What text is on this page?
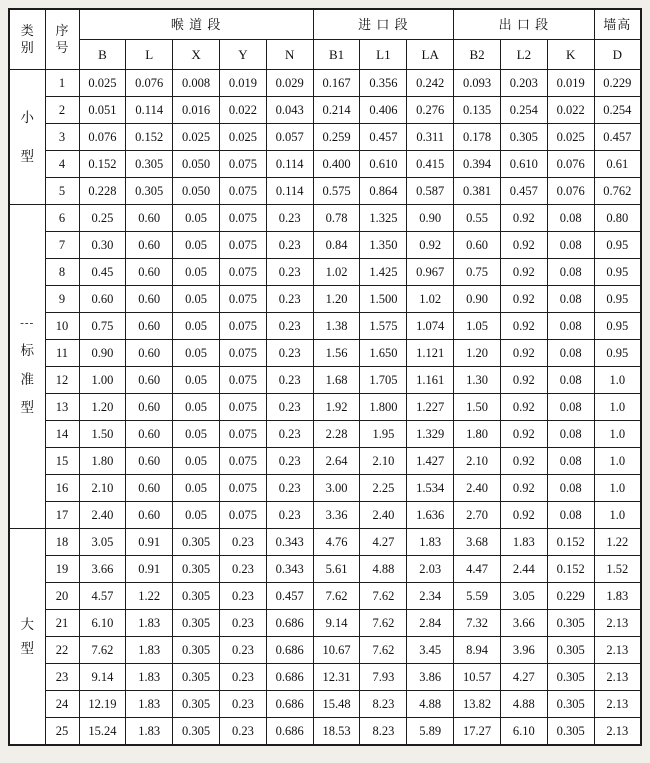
类
别	序
号	喉 道 段					进 口 段			出 口 段			墙高
		B	L	X	Y	N	B1	L1	LA	B2	L2	K	D

小
型	1	0.025	0.076	0.008	0.019	0.029	0.167	0.356	0.242	0.093	0.203	0.019	0.229
	2	0.051	0.114	0.016	0.022	0.043	0.214	0.406	0.276	0.135	0.254	0.022	0.254
	3	0.076	0.152	0.025	0.025	0.057	0.259	0.457	0.311	0.178	0.305	0.025	0.457
	4	0.152	0.305	0.050	0.075	0.114	0.400	0.610	0.415	0.394	0.610	0.076	0.61
	5	0.228	0.305	0.050	0.075	0.114	0.575	0.864	0.587	0.381	0.457	0.076	0.762

---
标
准
型	6	0.25	0.60	0.05	0.075	0.23	0.78	1.325	0.90	0.55	0.92	0.08	0.80
	7	0.30	0.60	0.05	0.075	0.23	0.84	1.350	0.92	0.60	0.92	0.08	0.95
	8	0.45	0.60	0.05	0.075	0.23	1.02	1.425	0.967	0.75	0.92	0.08	0.95
	9	0.60	0.60	0.05	0.075	0.23	1.20	1.500	1.02	0.90	0.92	0.08	0.95
	10	0.75	0.60	0.05	0.075	0.23	1.38	1.575	1.074	1.05	0.92	0.08	0.95
	11	0.90	0.60	0.05	0.075	0.23	1.56	1.650	1.121	1.20	0.92	0.08	0.95
	12	1.00	0.60	0.05	0.075	0.23	1.68	1.705	1.161	1.30	0.92	0.08	1.0
	13	1.20	0.60	0.05	0.075	0.23	1.92	1.800	1.227	1.50	0.92	0.08	1.0
	14	1.50	0.60	0.05	0.075	0.23	2.28	1.95	1.329	1.80	0.92	0.08	1.0
	15	1.80	0.60	0.05	0.075	0.23	2.64	2.10	1.427	2.10	0.92	0.08	1.0
	16	2.10	0.60	0.05	0.075	0.23	3.00	2.25	1.534	2.40	0.92	0.08	1.0
	17	2.40	0.60	0.05	0.075	0.23	3.36	2.40	1.636	2.70	0.92	0.08	1.0

大
型	18	3.05	0.91	0.305	0.23	0.343	4.76	4.27	1.83	3.68	1.83	0.152	1.22
	19	3.66	0.91	0.305	0.23	0.343	5.61	4.88	2.03	4.47	2.44	0.152	1.52
	20	4.57	1.22	0.305	0.23	0.457	7.62	7.62	2.34	5.59	3.05	0.229	1.83
	21	6.10	1.83	0.305	0.23	0.686	9.14	7.62	2.84	7.32	3.66	0.305	2.13
	22	7.62	1.83	0.305	0.23	0.686	10.67	7.62	3.45	8.94	3.96	0.305	2.13
	23	9.14	1.83	0.305	0.23	0.686	12.31	7.93	3.86	10.57	4.27	0.305	2.13
	24	12.19	1.83	0.305	0.23	0.686	15.48	8.23	4.88	13.82	4.88	0.305	2.13
	25	15.24	1.83	0.305	0.23	0.686	18.53	8.23	5.89	17.27	6.10	0.305	2.13
